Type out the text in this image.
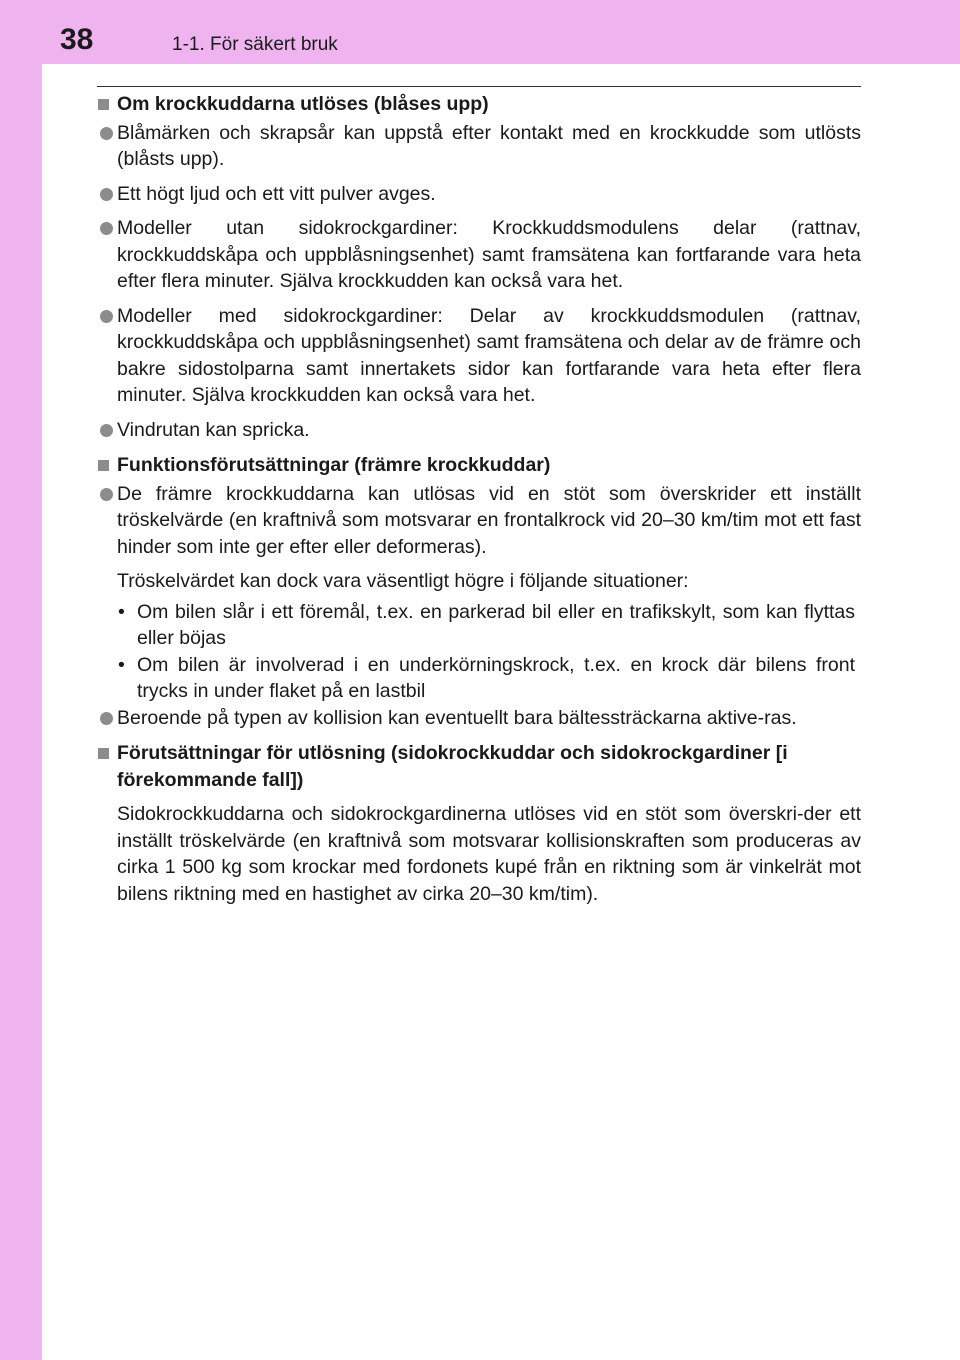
38	1-1. För säkert bruk
Om krockkuddarna utlöses (blåses upp)
Blåmärken och skrapsår kan uppstå efter kontakt med en krockkudde som utlösts (blåsts upp).
Ett högt ljud och ett vitt pulver avges.
Modeller utan sidokrockgardiner: Krockkuddsmodulens delar (rattnav, krockkuddskåpa och uppblåsningsenhet) samt framsätena kan fortfarande vara heta efter flera minuter. Själva krockkudden kan också vara het.
Modeller med sidokrockgardiner: Delar av krockkuddsmodulen (rattnav, krockkuddskåpa och uppblåsningsenhet) samt framsätena och delar av de främre och bakre sidostolparna samt innertakets sidor kan fortfarande vara heta efter flera minuter. Själva krockkudden kan också vara het.
Vindrutan kan spricka.
Funktionsförutsättningar (främre krockkuddar)
De främre krockkuddarna kan utlösas vid en stöt som överskrider ett inställt tröskelvärde (en kraftnivå som motsvarar en frontalkrock vid 20–30 km/tim mot ett fast hinder som inte ger efter eller deformeras).
Tröskelvärdet kan dock vara väsentligt högre i följande situationer:
• Om bilen slår i ett föremål, t.ex. en parkerad bil eller en trafikskylt, som kan flyttas eller böjas
• Om bilen är involverad i en underkörningskrock, t.ex. en krock där bilens front trycks in under flaket på en lastbil
Beroende på typen av kollision kan eventuellt bara bältessträckarna aktive-ras.
Förutsättningar för utlösning (sidokrockkuddar och sidokrockgardiner [i förekommande fall])
Sidokrockkuddarna och sidokrockgardinerna utlöses vid en stöt som överskri-der ett inställt tröskelvärde (en kraftnivå som motsvarar kollisionskraften som produceras av cirka 1 500 kg som krockar med fordonets kupé från en riktning som är vinkelrät mot bilens riktning med en hastighet av cirka 20–30 km/tim).
